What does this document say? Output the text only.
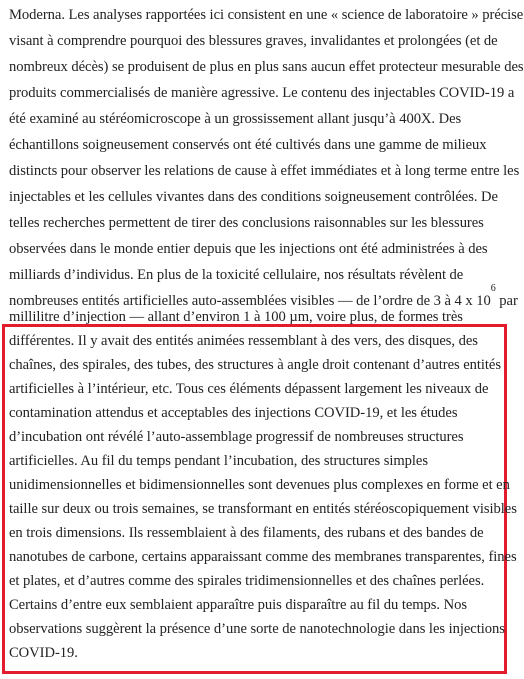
Moderna. Les analyses rapportées ici consistent en une « science de laboratoire » précise
visant à comprendre pourquoi des blessures graves, invalidantes et prolongées (et de
nombreux décès) se produisent de plus en plus sans aucun effet protecteur mesurable des
produits commercialisés de manière agressive. Le contenu des injectables COVID-19 a
été examiné au stéréomicroscope à un grossissement allant jusqu’à 400X. Des
échantillons soigneusement conservés ont été cultivés dans une gamme de milieux
distincts pour observer les relations de cause à effet immédiates et à long terme entre les
injectables et les cellules vivantes dans des conditions soigneusement contrôlées. De
telles recherches permettent de tirer des conclusions raisonnables sur les blessures
observées dans le monde entier depuis que les injections ont été administrées à des
milliards d’individus. En plus de la toxicité cellulaire, nos résultats révèlent de
nombreuses entités artificielles auto-assemblées visibles — de l’ordre de 3 à 4 x $10^6$ par
millilitre d’injection — allant d’environ 1 à 100 µm, voire plus, de formes très
différentes. Il y avait des entités animées ressemblant à des vers, des disques, des
chaînes, des spirales, des tubes, des structures à angle droit contenant d’autres entités
artificielles à l’intérieur, etc. Tous ces éléments dépassent largement les niveaux de
contamination attendus et acceptables des injections COVID-19, et les études
d’incubation ont révélé l’auto-assemblage progressif de nombreuses structures
artificielles. Au fil du temps pendant l’incubation, des structures simples
unidimensionnelles et bidimensionnelles sont devenues plus complexes en forme et en
taille sur deux ou trois semaines, se transformant en entités stéréoscopiquement visibles
en trois dimensions. Ils ressemblaient à des filaments, des rubans et des bandes de
nanotubes de carbone, certains apparaissant comme des membranes transparentes, fines
et plates, et d’autres comme des spirales tridimensionnelles et des chaînes perlées.
Certains d’entre eux semblaient apparaître puis disparaître au fil du temps. Nos
observations suggèrent la présence d’une sorte de nanotechnologie dans les injections
COVID-19.
